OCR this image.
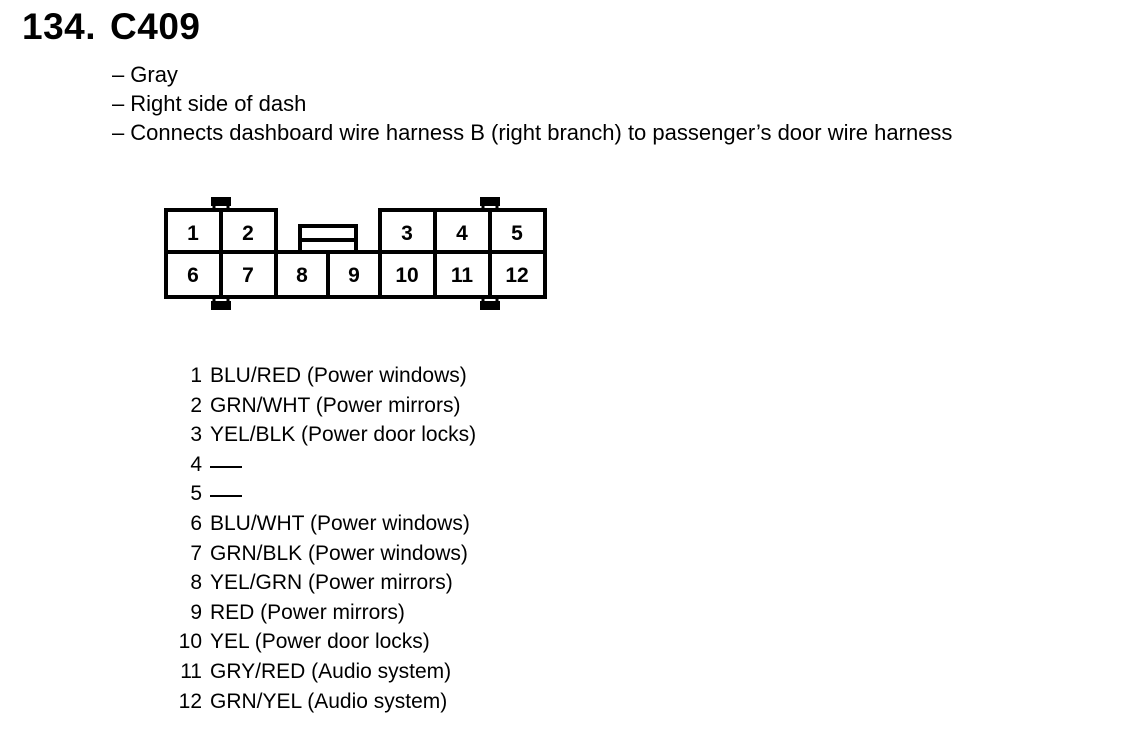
134. C409
– Gray
– Right side of dash
– Connects dashboard wire harness B (right branch) to passenger’s door wire harness
1 2	3 4 5
6 7 8 9 10 11 12
1 BLU/RED (Power windows)
2 GRN/WHT (Power mirrors)
3 YEL/BLK (Power door locks)
4
5
6 BLU/WHT (Power windows)
7 GRN/BLK (Power windows)
8 YEL/GRN (Power mirrors)
9 RED (Power mirrors)
10 YEL (Power door locks)
11 GRY/RED (Audio system)
12 GRN/YEL (Audio system)
